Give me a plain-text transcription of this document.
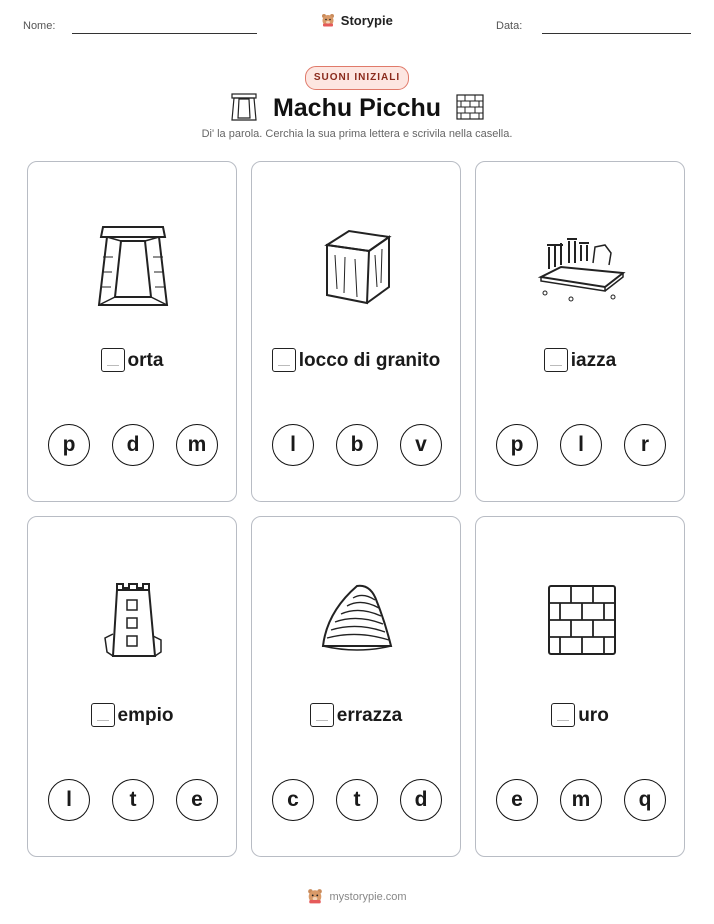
Nome:	Storypie	Data:
SUONI INIZIALI
Machu Picchu
Di' la parola. Cerchia la sua prima lettera e scrivila nella casella.
orta
p	d	m
locco di granito
l	b	v
iazza
p	l	r
empio
l	t	e
errazza
c	t	d
uro
e	m	q
mystorypie.com
